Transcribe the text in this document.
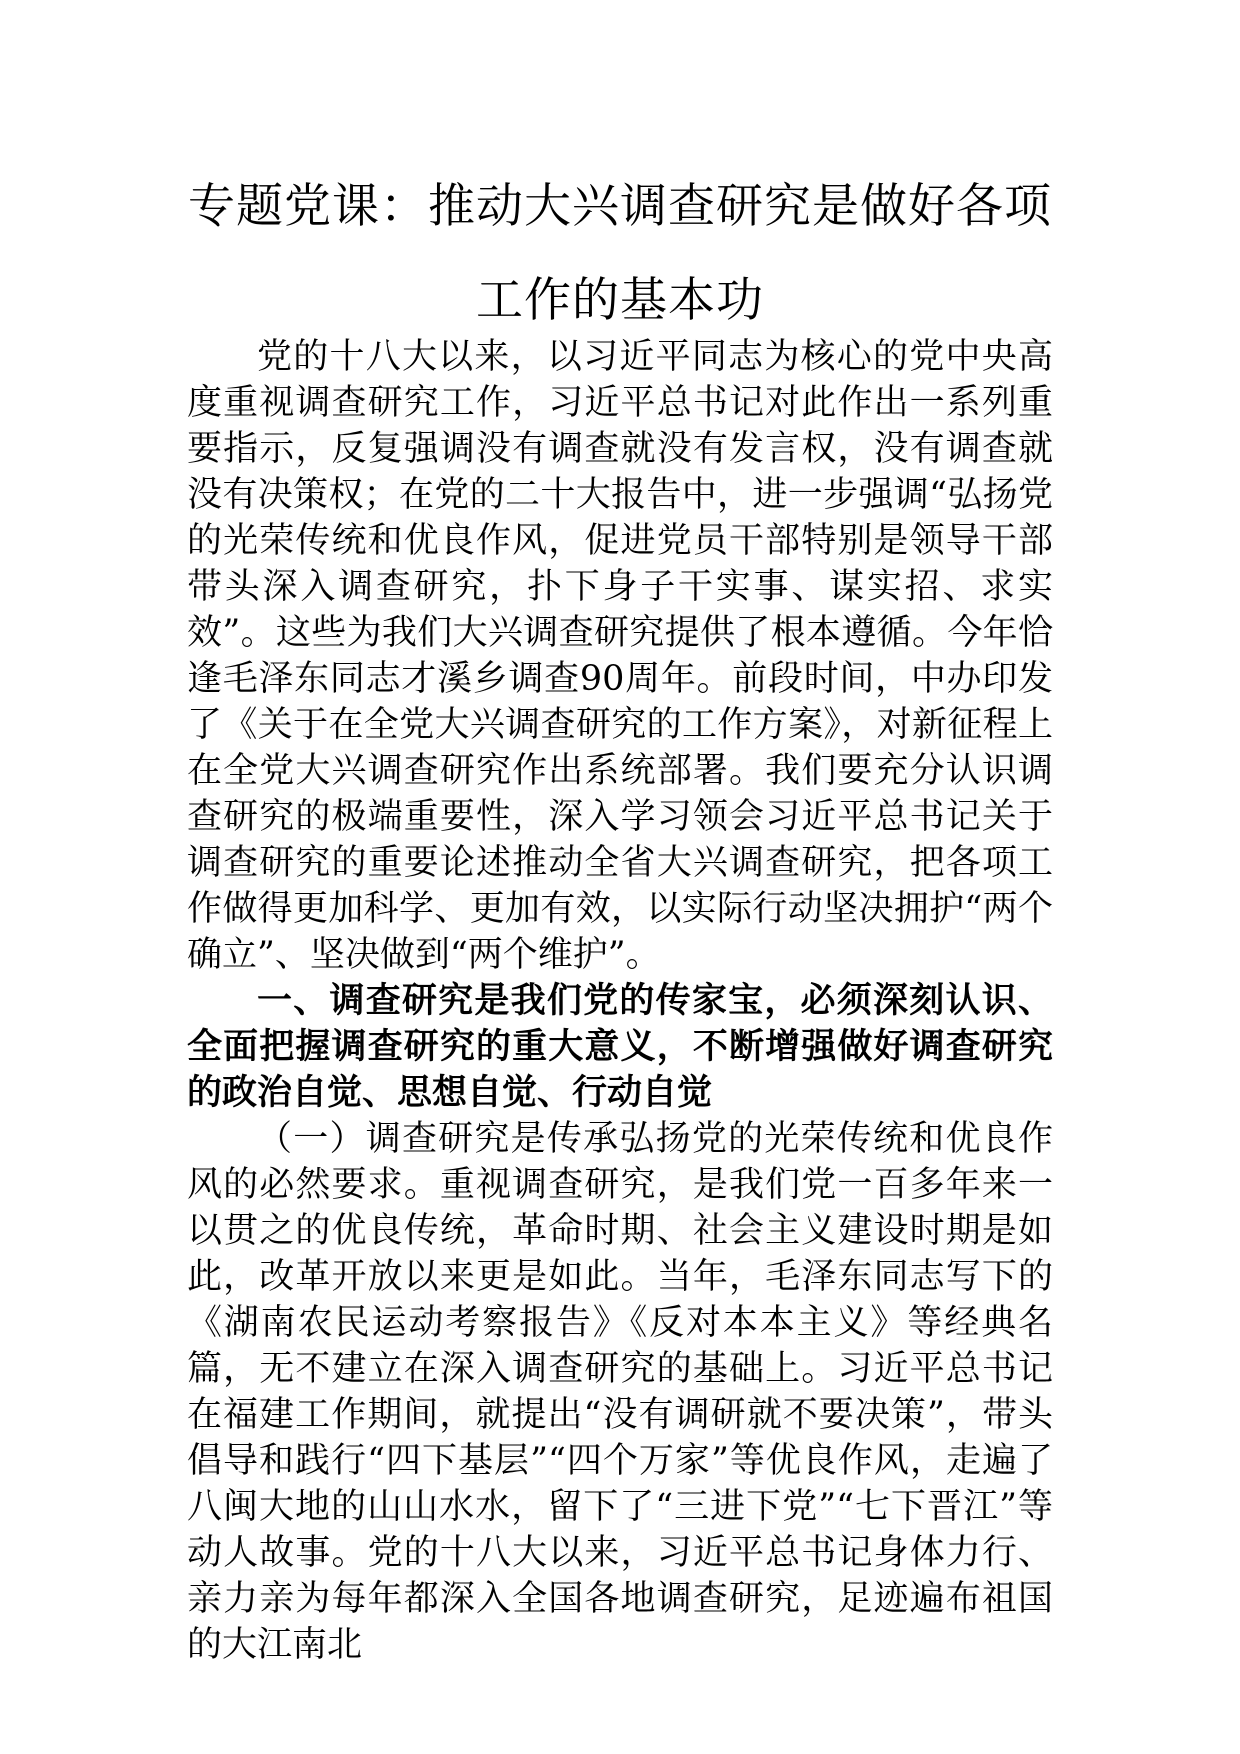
专题党课：推动大兴调查研究是做好各项
工作的基本功

党的十八大以来，以习近平同志为核心的党中央高度重视调查研究工作，习近平总书记对此作出一系列重要指示，反复强调没有调查就没有发言权，没有调查就没有决策权；在党的二十大报告中，进一步强调“弘扬党的光荣传统和优良作风，促进党员干部特别是领导干部带头深入调查研究，扑下身子干实事、谋实招、求实效”。这些为我们大兴调查研究提供了根本遵循。今年恰逢毛泽东同志才溪乡调查90周年。前段时间，中办印发了《关于在全党大兴调查研究的工作方案》，对新征程上在全党大兴调查研究作出系统部署。我们要充分认识调查研究的极端重要性，深入学习领会习近平总书记关于调查研究的重要论述推动全省大兴调查研究，把各项工作做得更加科学、更加有效，以实际行动坚决拥护“两个确立”、坚决做到“两个维护”。

一、调查研究是我们党的传家宝，必须深刻认识、全面把握调查研究的重大意义，不断增强做好调查研究的政治自觉、思想自觉、行动自觉

（一）调查研究是传承弘扬党的光荣传统和优良作风的必然要求。重视调查研究，是我们党一百多年来一以贯之的优良传统，革命时期、社会主义建设时期是如此，改革开放以来更是如此。当年，毛泽东同志写下的《湖南农民运动考察报告》《反对本本主义》等经典名篇，无不建立在深入调查研究的基础上。习近平总书记在福建工作期间，就提出“没有调研就不要决策”，带头倡导和践行“四下基层”“四个万家”等优良作风，走遍了八闽大地的山山水水，留下了“三进下党”“七下晋江”等动人故事。党的十八大以来，习近平总书记身体力行、亲力亲为每年都深入全国各地调查研究，足迹遍布祖国的大江南北
